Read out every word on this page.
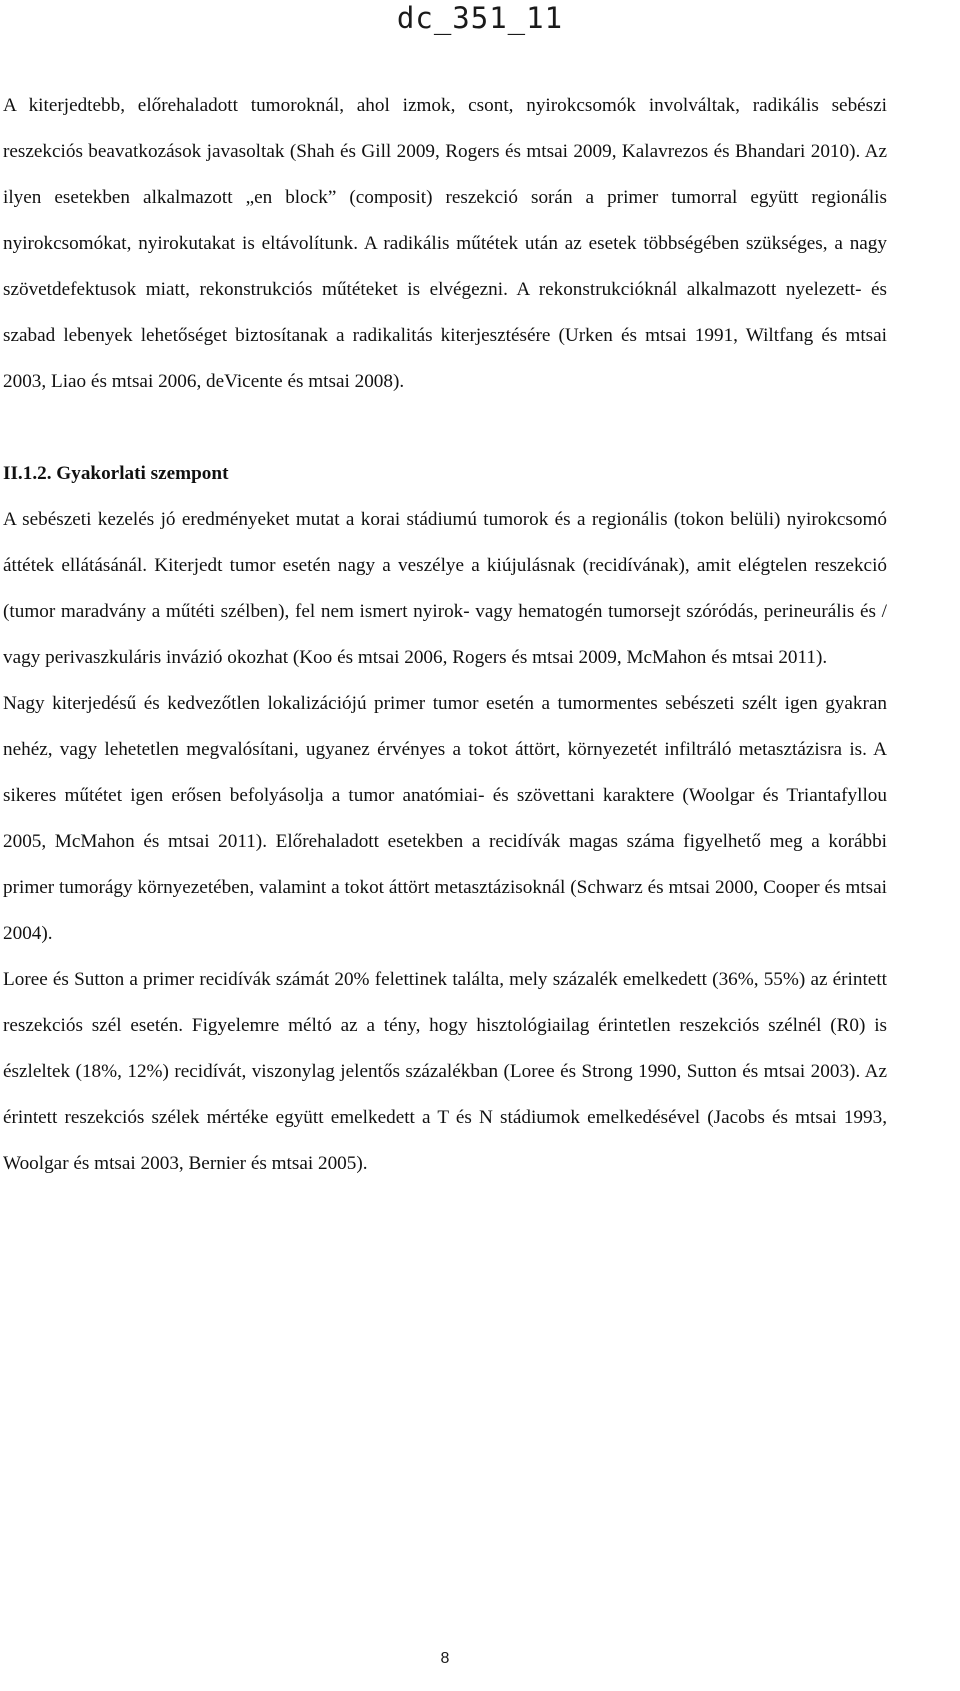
dc_351_11

A kiterjedtebb, előrehaladott tumoroknál, ahol izmok, csont, nyirokcsomók involváltak, radikális sebészi reszekciós beavatkozások javasoltak (Shah és Gill 2009, Rogers és mtsai 2009, Kalavrezos és Bhandari 2010). Az ilyen esetekben alkalmazott „en block” (composit) reszekció során a primer tumorral együtt regionális nyirokcsomókat, nyirokutakat is eltávolítunk. A radikális műtétek után az esetek többségében szükséges, a nagy szövetdefektusok miatt, rekonstrukciós műtéteket is elvégezni. A rekonstrukcióknál alkalmazott nyelezett- és szabad lebenyek lehetőséget biztosítanak a radikalitás kiterjesztésére (Urken és mtsai 1991, Wiltfang és mtsai 2003, Liao és mtsai 2006, deVicente és mtsai 2008).

II.1.2. Gyakorlati szempont

A sebészeti kezelés jó eredményeket mutat a korai stádiumú tumorok és a regionális (tokon belüli) nyirokcsomó áttétek ellátásánál. Kiterjedt tumor esetén nagy a veszélye a kiújulásnak (recidívának), amit elégtelen reszekció (tumor maradvány a műtéti szélben), fel nem ismert nyirok- vagy hematogén tumorsejt szóródás, perineurális és / vagy perivaszkuláris invázió okozhat (Koo és mtsai 2006, Rogers és mtsai 2009, McMahon és mtsai 2011).

Nagy kiterjedésű és kedvezőtlen lokalizációjú primer tumor esetén a tumormentes sebészeti szélt igen gyakran nehéz, vagy lehetetlen megvalósítani, ugyanez érvényes a tokot áttört, környezetét infiltráló metasztázisra is. A sikeres műtétet igen erősen befolyásolja a tumor anatómiai- és szövettani karaktere (Woolgar és Triantafyllou 2005, McMahon és mtsai 2011). Előrehaladott esetekben a recidívák magas száma figyelhető meg a korábbi primer tumorágy környezetében, valamint a tokot áttört metasztázisoknál (Schwarz és mtsai 2000, Cooper és mtsai 2004).

Loree és Sutton a primer recidívák számát 20% felettinek találta, mely százalék emelkedett (36%, 55%) az érintett reszekciós szél esetén. Figyelemre méltó az a tény, hogy hisztológiailag érintetlen reszekciós szélnél (R0) is észleltek (18%, 12%) recidívát, viszonylag jelentős százalékban (Loree és Strong 1990, Sutton és mtsai 2003). Az érintett reszekciós szélek mértéke együtt emelkedett a T és N stádiumok emelkedésével (Jacobs és mtsai 1993, Woolgar és mtsai 2003, Bernier és mtsai 2005).

8
